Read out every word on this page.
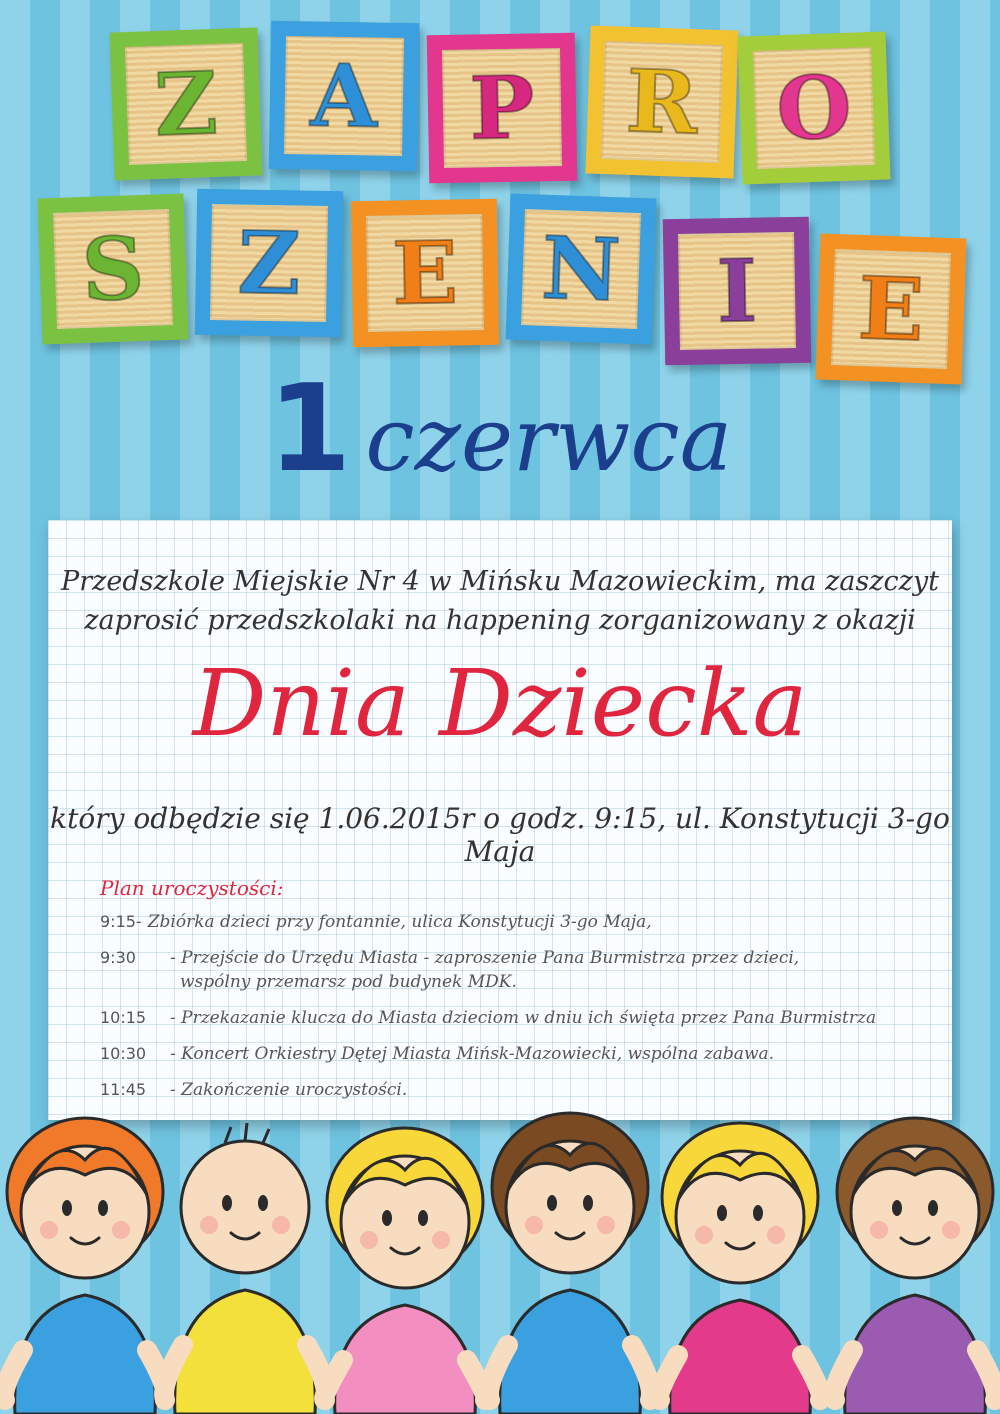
Z	A	P	R O
S	Z	E N	I	E
1 czerwca
Przedszkole Miejskie Nr 4 w Mińsku Mazowieckim, ma zaszczyt
zaprosić przedszkolaki na happening zorganizowany z okazji
Dnia Dziecka
który odbędzie się 1.06.2015r o godz. 9:15, ul. Konstytucji 3-go Maja
Plan uroczystości:
9:15- Zbiórka dzieci przy fontannie, ulica Konstytucji 3-go Maja,
9:30	- Przejście do Urzędu Miasta - zaproszenie Pana Burmistrza przez dzieci,
wspólny przemarsz pod budynek MDK.
10:15	- Przekazanie klucza do Miasta dzieciom w dniu ich święta przez Pana Burmistrza
10:30	- Koncert Orkiestry Dętej Miasta Mińsk-Mazowiecki, wspólna zabawa.
11:45	- Zakończenie uroczystości.
